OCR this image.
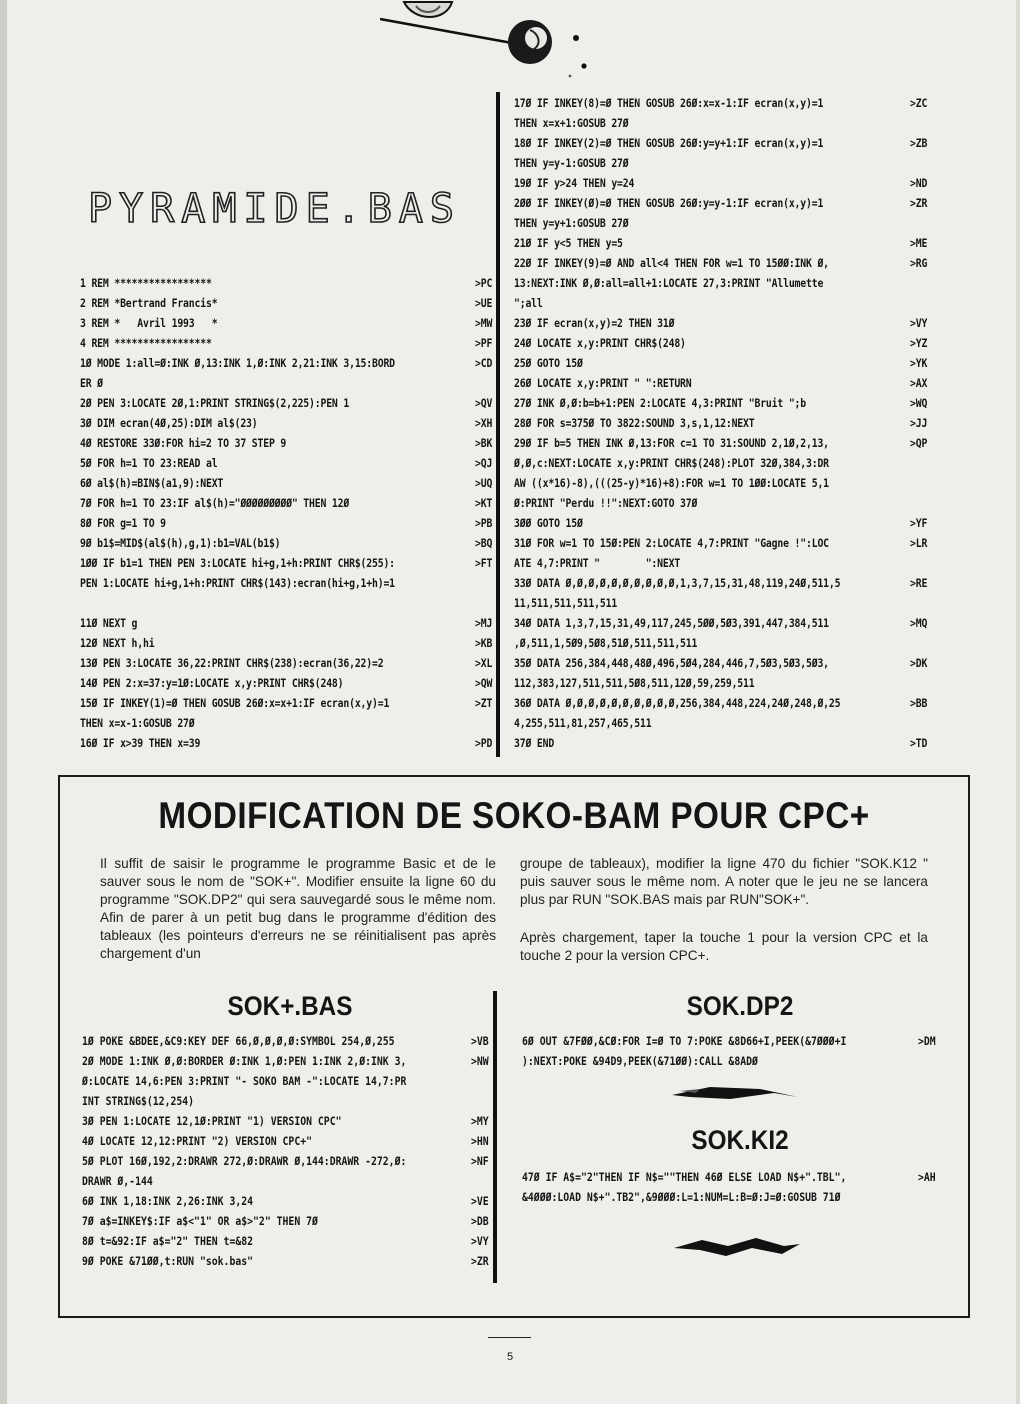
PYRAMIDE.BAS
1 REM *****************
2 REM *Bertrand Francis*
3 REM *   Avril 1993   *
4 REM *****************
1Ø MODE 1:all=Ø:INK Ø,13:INK 1,Ø:INK 2,21:INK 3,15:BORD
ER Ø
2Ø PEN 3:LOCATE 2Ø,1:PRINT STRING$(2,225):PEN 1
3Ø DIM ecran(4Ø,25):DIM al$(23)
4Ø RESTORE 33Ø:FOR hi=2 TO 37 STEP 9
5Ø FOR h=1 TO 23:READ al
6Ø al$(h)=BIN$(a1,9):NEXT
7Ø FOR h=1 TO 23:IF al$(h)="ØØØØØØØØØ" THEN 12Ø
8Ø FOR g=1 TO 9
9Ø b1$=MID$(al$(h),g,1):b1=VAL(b1$)
1ØØ IF b1=1 THEN PEN 3:LOCATE hi+g,1+h:PRINT CHR$(255):
PEN 1:LOCATE hi+g,1+h:PRINT CHR$(143):ecran(hi+g,1+h)=1

11Ø NEXT g
12Ø NEXT h,hi
13Ø PEN 3:LOCATE 36,22:PRINT CHR$(238):ecran(36,22)=2
14Ø PEN 2:x=37:y=1Ø:LOCATE x,y:PRINT CHR$(248)
15Ø IF INKEY(1)=Ø THEN GOSUB 26Ø:x=x+1:IF ecran(x,y)=1
THEN x=x-1:GOSUB 27Ø
16Ø IF x>39 THEN x=39
>PC
>UE
>MW
>PF
>CD

>QV
>XH
>BK
>QJ
>UQ
>KT
>PB
>BQ
>FT

>MJ
>KB
>XL
>QW
>ZT

>PD
17Ø IF INKEY(8)=Ø THEN GOSUB 26Ø:x=x-1:IF ecran(x,y)=1
THEN x=x+1:GOSUB 27Ø
18Ø IF INKEY(2)=Ø THEN GOSUB 26Ø:y=y+1:IF ecran(x,y)=1
THEN y=y-1:GOSUB 27Ø
19Ø IF y>24 THEN y=24
2ØØ IF INKEY(Ø)=Ø THEN GOSUB 26Ø:y=y-1:IF ecran(x,y)=1
THEN y=y+1:GOSUB 27Ø
21Ø IF y<5 THEN y=5
22Ø IF INKEY(9)=Ø AND all<4 THEN FOR w=1 TO 15ØØ:INK Ø,
13:NEXT:INK Ø,Ø:all=all+1:LOCATE 27,3:PRINT "Allumette
";all
23Ø IF ecran(x,y)=2 THEN 31Ø
24Ø LOCATE x,y:PRINT CHR$(248)
25Ø GOTO 15Ø
26Ø LOCATE x,y:PRINT " ":RETURN
27Ø INK Ø,Ø:b=b+1:PEN 2:LOCATE 4,3:PRINT "Bruit ";b
28Ø FOR s=375Ø TO 3822:SOUND 3,s,1,12:NEXT
29Ø IF b=5 THEN INK Ø,13:FOR c=1 TO 31:SOUND 2,1Ø,2,13,
Ø,Ø,c:NEXT:LOCATE x,y:PRINT CHR$(248):PLOT 32Ø,384,3:DR
AW ((x*16)-8),(((25-y)*16)+8):FOR w=1 TO 1ØØ:LOCATE 5,1
Ø:PRINT "Perdu !!":NEXT:GOTO 37Ø
3ØØ GOTO 15Ø
31Ø FOR w=1 TO 15Ø:PEN 2:LOCATE 4,7:PRINT "Gagne !":LOC
ATE 4,7:PRINT "        ":NEXT
33Ø DATA Ø,Ø,Ø,Ø,Ø,Ø,Ø,Ø,Ø,Ø,1,3,7,15,31,48,119,24Ø,511,5
11,511,511,511,511
34Ø DATA 1,3,7,15,31,49,117,245,5ØØ,5Ø3,391,447,384,511
,Ø,511,1,5Ø9,5Ø8,51Ø,511,511,511
35Ø DATA 256,384,448,48Ø,496,5Ø4,284,446,7,5Ø3,5Ø3,5Ø3,
112,383,127,511,511,5Ø8,511,12Ø,59,259,511
36Ø DATA Ø,Ø,Ø,Ø,Ø,Ø,Ø,Ø,Ø,Ø,256,384,448,224,24Ø,248,Ø,25
4,255,511,81,257,465,511
37Ø END
>ZC

>ZB

>ND
>ZR

>ME
>RG

>VY
>YZ
>YK
>AX
>WQ
>JJ
>QP

>YF
>LR

>RE

>MQ

>DK

>BB

>TD
MODIFICATION DE SOKO-BAM POUR CPC+
Il suffit de saisir le programme le programme Basic et de le sauver sous le nom de "SOK+". Modifier ensuite la ligne 60 du programme "SOK.DP2" qui sera sauvegardé sous le même nom. Afin de parer à un petit bug dans le programme d'édition des tableaux (les pointeurs d'erreurs ne se réinitialisent pas après chargement d'un
groupe de tableaux), modifier la ligne 470 du fichier "SOK.K12 " puis sauver sous le même nom. A noter que le jeu ne se lancera plus par RUN "SOK.BAS mais par RUN"SOK+".
Après chargement, taper la touche 1 pour la version CPC et la touche 2 pour la version CPC+.
SOK+.BAS
1Ø POKE &BDEE,&C9:KEY DEF 66,Ø,Ø,Ø,Ø:SYMBOL 254,Ø,255
2Ø MODE 1:INK Ø,Ø:BORDER Ø:INK 1,Ø:PEN 1:INK 2,Ø:INK 3,
Ø:LOCATE 14,6:PEN 3:PRINT "- SOKO BAM -":LOCATE 14,7:PR
INT STRING$(12,254)
3Ø PEN 1:LOCATE 12,1Ø:PRINT "1) VERSION CPC"
4Ø LOCATE 12,12:PRINT "2) VERSION CPC+"
5Ø PLOT 16Ø,192,2:DRAWR 272,Ø:DRAWR Ø,144:DRAWR -272,Ø:
DRAWR Ø,-144
6Ø INK 1,18:INK 2,26:INK 3,24
7Ø a$=INKEY$:IF a$<"1" OR a$>"2" THEN 7Ø
8Ø t=&92:IF a$="2" THEN t=&82
9Ø POKE &71ØØ,t:RUN "sok.bas"
>VB
>NW

>MY
>HN
>NF

>VE
>DB
>VY
>ZR
SOK.DP2
6Ø OUT &7FØØ,&CØ:FOR I=Ø TO 7:POKE &8D66+I,PEEK(&7ØØØ+I
):NEXT:POKE &94D9,PEEK(&71ØØ):CALL &8ADØ
>DM

SOK.KI2
47Ø IF A$="2"THEN IF N$=""THEN 46Ø ELSE LOAD N$+".TBL",
&4ØØØ:LOAD N$+".TB2",&9ØØØ:L=1:NUM=L:B=Ø:J=Ø:GOSUB 71Ø
>AH

5
